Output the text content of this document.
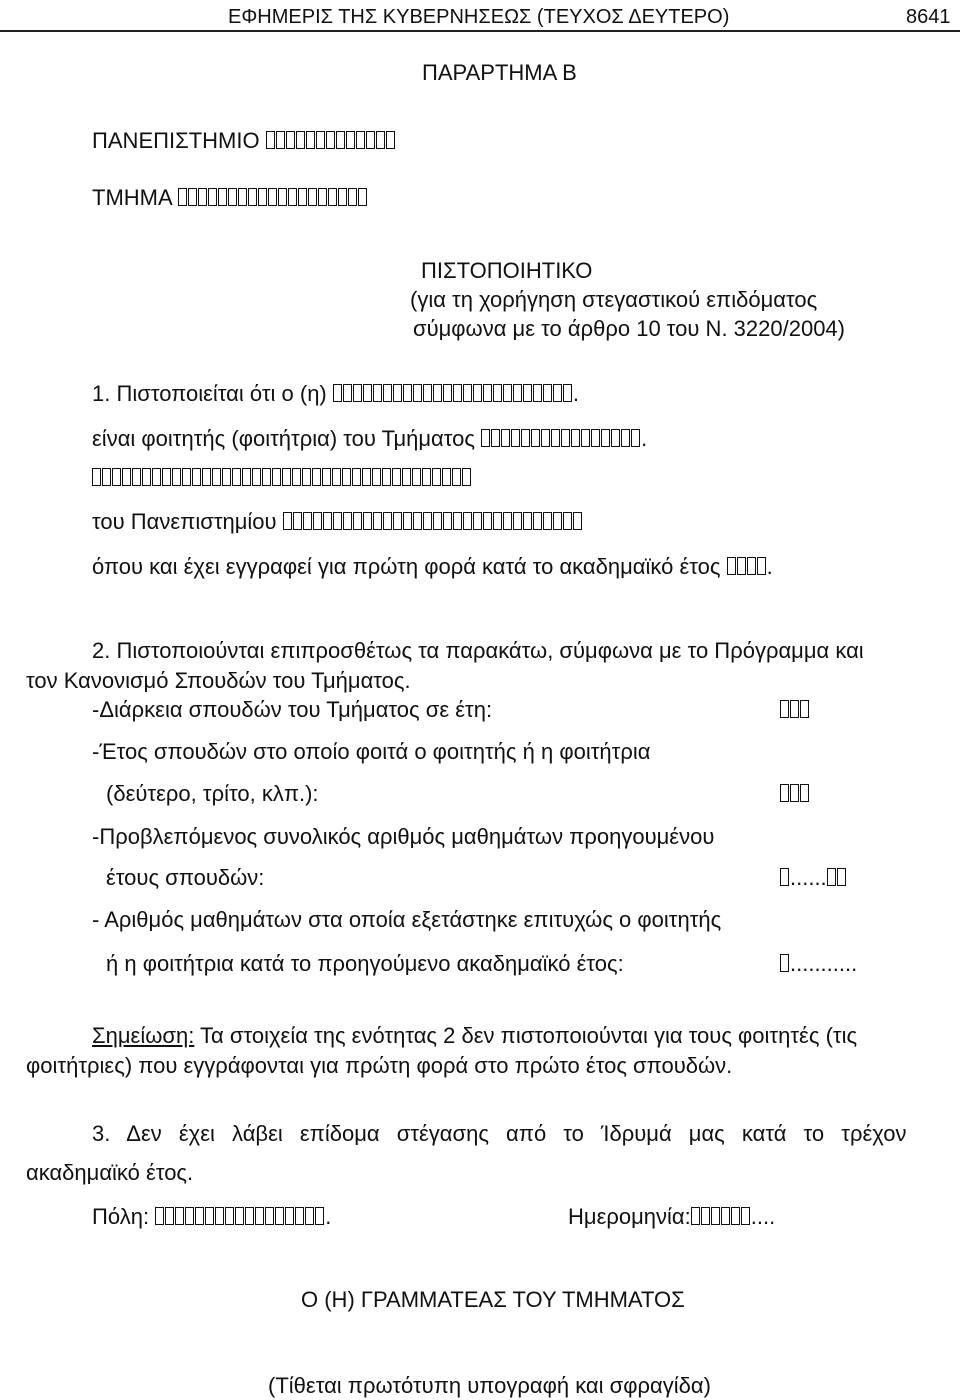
ΕΦΗΜΕΡΙΣ ΤΗΣ ΚΥΒΕΡΝΗΣΕΩΣ (ΤΕΥΧΟΣ ΔΕΥΤΕΡΟ)	8641
ΠΑΡΑΡΤΗΜΑ Β
ΠΑΝΕΠΙΣΤΗΜΙΟ
ΤΜΗΜΑ
ΠΙΣΤΟΠΟΙΗΤΙΚΟ
(για τη χορήγηση στεγαστικού επιδόματος
σύμφωνα με το άρθρο 10 του Ν. 3220/2004)
1. Πιστοποιείται ότι ο (η)	.
είναι φοιτητής (φοιτήτρια) του Τμήματος	.
του Πανεπιστημίου
όπου και έχει εγγραφεί για πρώτη φορά κατά το ακαδημαϊκό έτος .
2. Πιστοποιούνται επιπροσθέτως τα παρακάτω, σύμφωνα με το Πρόγραμμα και
τον Κανονισμό Σπουδών του Τμήματος.
-Διάρκεια σπουδών του Τμήματος σε έτη:
-Έτος σπουδών στο οποίο φοιτά ο φοιτητής ή η φοιτήτρια
(δεύτερο, τρίτο, κλπ.):
-Προβλεπόμενος συνολικός αριθμός μαθημάτων προηγουμένου
έτους σπουδών:	......
- Αριθμός μαθημάτων στα οποία εξετάστηκε επιτυχώς ο φοιτητής
ή η φοιτήτρια κατά το προηγούμενο ακαδημαϊκό έτος:	...........
Σημείωση: Τα στοιχεία της ενότητας 2 δεν πιστοποιούνται για τους φοιτητές (τις
φοιτήτριες) που εγγράφονται για πρώτη φορά στο πρώτο έτος σπουδών.
3. Δεν έχει λάβει επίδομα στέγασης από το Ίδρυμά μας κατά το τρέχον
ακαδημαϊκό έτος.
Πόλη:	.	Ημερομηνία:	....
Ο (Η) ΓΡΑΜΜΑΤΕΑΣ ΤΟΥ ΤΜΗΜΑΤΟΣ
(Τίθεται πρωτότυπη υπογραφή και σφραγίδα)
